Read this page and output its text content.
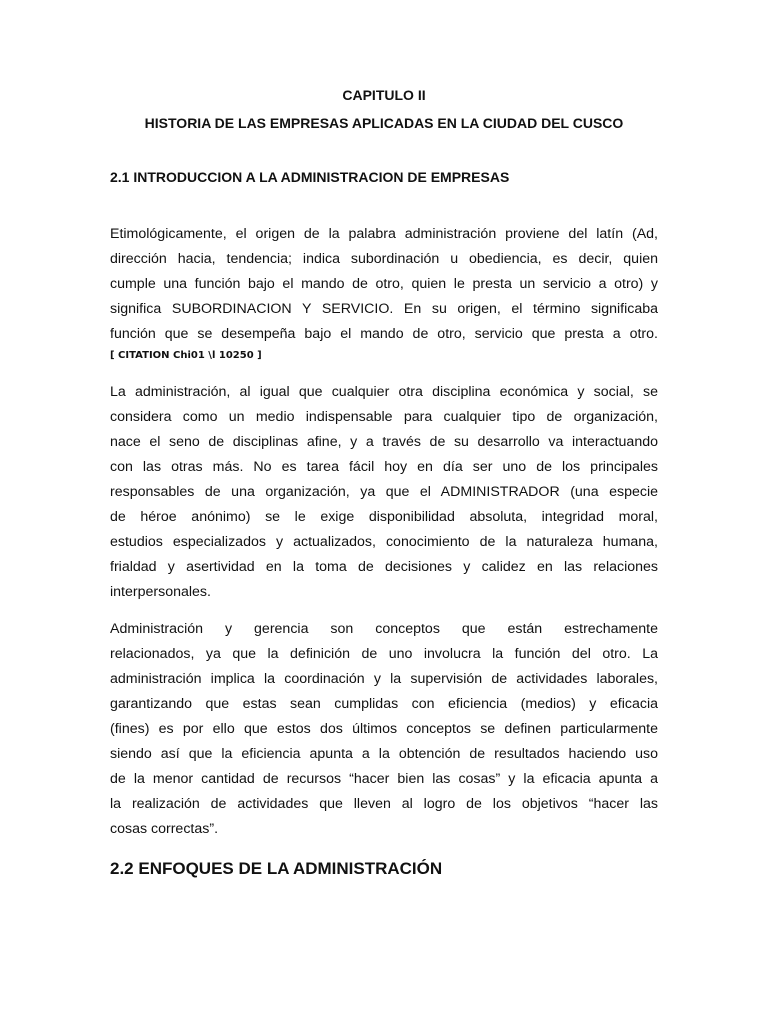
CAPITULO II
HISTORIA DE LAS EMPRESAS APLICADAS EN LA CIUDAD DEL CUSCO
2.1 INTRODUCCION A LA ADMINISTRACION DE EMPRESAS
Etimológicamente, el origen de la palabra administración proviene del latín (Ad,
dirección hacia, tendencia; indica subordinación u obediencia, es decir, quien
cumple una función bajo el mando de otro, quien le presta un servicio a otro) y
significa SUBORDINACION Y SERVICIO. En su origen, el término significaba
función que se desempeña bajo el mando de otro, servicio que presta a otro.
[ CITATION Chi01 \l 10250 ]
La administración, al igual que cualquier otra disciplina económica y social, se
considera como un medio indispensable para cualquier tipo de organización,
nace el seno de disciplinas afine, y a través de su desarrollo va interactuando
con las otras más. No es tarea fácil hoy en día ser uno de los principales
responsables de una organización, ya que el ADMINISTRADOR (una especie
de héroe anónimo) se le exige disponibilidad absoluta, integridad moral,
estudios especializados y actualizados, conocimiento de la naturaleza humana,
frialdad y asertividad en la toma de decisiones y calidez en las relaciones
interpersonales.
Administración y gerencia son conceptos que están estrechamente
relacionados, ya que la definición de uno involucra la función del otro. La
administración implica la coordinación y la supervisión de actividades laborales,
garantizando que estas sean cumplidas con eficiencia (medios) y eficacia
(fines) es por ello que estos dos últimos conceptos se definen particularmente
siendo así que la eficiencia apunta a la obtención de resultados haciendo uso
de la menor cantidad de recursos “hacer bien las cosas” y la eficacia apunta a
la realización de actividades que lleven al logro de los objetivos “hacer las
cosas correctas”.
2.2 ENFOQUES DE LA ADMINISTRACIÓN
